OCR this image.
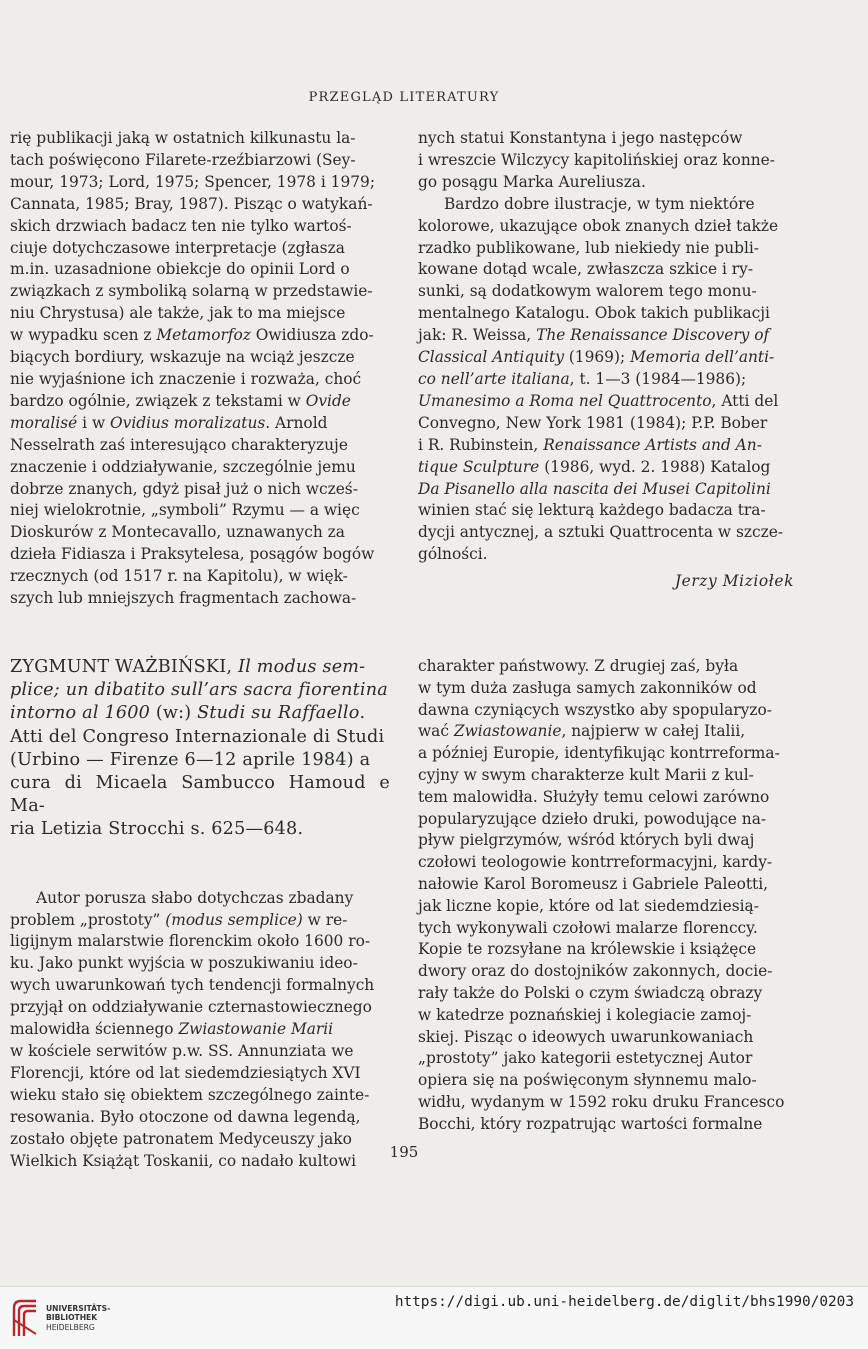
PRZEGLĄD LITERATURY

rię publikacji jaką w ostatnich kilkunastu la-
tach poświęcono Filarete-rzeźbiarzowi (Sey-
mour, 1973; Lord, 1975; Spencer, 1978 i 1979;
Cannata, 1985; Bray, 1987). Pisząc o watykań-
skich drzwiach badacz ten nie tylko wartoś-
ciuje dotychczasowe interpretacje (zgłasza
m.in. uzasadnione obiekcje do opinii Lord o
związkach z symboliką solarną w przedstawie-
niu Chrystusa) ale także, jak to ma miejsce
w wypadku scen z Metamorfoz Owidiusza zdo-
biących bordiury, wskazuje na wciąż jeszcze
nie wyjaśnione ich znaczenie i rozważa, choć
bardzo ogólnie, związek z tekstami w Ovide
moralisé i w Ovidius moralizatus. Arnold
Nesselrath zaś interesująco charakteryzuje
znaczenie i oddziaływanie, szczególnie jemu
dobrze znanych, gdyż pisał już o nich wcześ-
niej wielokrotnie, „symboli” Rzymu — a więc
Dioskurów z Montecavallo, uznawanych za
dzieła Fidiasza i Praksytelesa, posągów bogów
rzecznych (od 1517 r. na Kapitolu), w więk-
szych lub mniejszych fragmentach zachowa-

nych statui Konstantyna i jego następców
i wreszcie Wilczycy kapitolińskiej oraz konne-
go posągu Marka Aureliusza.

Bardzo dobre ilustracje, w tym niektóre
kolorowe, ukazujące obok znanych dzieł także
rzadko publikowane, lub niekiedy nie publi-
kowane dotąd wcale, zwłaszcza szkice i ry-
sunki, są dodatkowym walorem tego monu-
mentalnego Katalogu. Obok takich publikacji
jak: R. Weissa, The Renaissance Discovery of
Classical Antiquity (1969); Memoria dell’anti-
co nell’arte italiana, t. 1—3 (1984—1986);
Umanesimo a Roma nel Quattrocento, Atti del
Convegno, New York 1981 (1984); P.P. Bober
i R. Rubinstein, Renaissance Artists and An-
tique Sculpture (1986, wyd. 2. 1988) Katalog
Da Pisanello alla nascita dei Musei Capitolini
winien stać się lekturą każdego badacza tra-
dycji antycznej, a sztuki Quattrocenta w szcze-
gólności.

Jerzy Miziołek

ZYGMUNT WAŻBIŃSKI, Il modus sem-
plice; un dibatito sull’ars sacra fiorentina
intorno al 1600 (w:) Studi su Raffaello.
Atti del Congreso Internazionale di Studi
(Urbino — Firenze 6—12 aprile 1984) a
cura di Micaela Sambucco Hamoud e Ma-
ria Letizia Strocchi s. 625—648.

Autor porusza słabo dotychczas zbadany
problem „prostoty” (modus semplice) w re-
ligijnym malarstwie florenckim około 1600 ro-
ku. Jako punkt wyjścia w poszukiwaniu ideo-
wych uwarunkowań tych tendencji formalnych
przyjął on oddziaływanie czternastowiecznego
malowidła ściennego Zwiastowanie Marii
w kościele serwitów p.w. SS. Annunziata we
Florencji, które od lat siedemdziesiątych XVI
wieku stało się obiektem szczególnego zainte-
resowania. Było otoczone od dawna legendą,
zostało objęte patronatem Medyceuszy jako
Wielkich Książąt Toskanii, co nadało kultowi

charakter państwowy. Z drugiej zaś, była
w tym duża zasługa samych zakonników od
dawna czyniących wszystko aby spopularyzo-
wać Zwiastowanie, najpierw w całej Italii,
a później Europie, identyfikując kontrreforma-
cyjny w swym charakterze kult Marii z kul-
tem malowidła. Służyły temu celowi zarówno
popularyzujące dzieło druki, powodujące na-
pływ pielgrzymów, wśród których byli dwaj
czołowi teologowie kontrreformacyjni, kardy-
nałowie Karol Boromeusz i Gabriele Paleotti,
jak liczne kopie, które od lat siedemdziesią-
tych wykonywali czołowi malarze florenccy.
Kopie te rozsyłane na królewskie i książęce
dwory oraz do dostojników zakonnych, docie-
rały także do Polski o czym świadczą obrazy
w katedrze poznańskiej i kolegiacie zamoj-
skiej. Pisząc o ideowych uwarunkowaniach
„prostoty” jako kategorii estetycznej Autor
opiera się na poświęconym słynnemu malo-
widłu, wydanym w 1592 roku druku Francesco
Bocchi, który rozpatrując wartości formalne

195
UNIVERSITÄTS-
BIBLIOTHEK
HEIDELBERG
https://digi.ub.uni-heidelberg.de/diglit/bhs1990/0203
